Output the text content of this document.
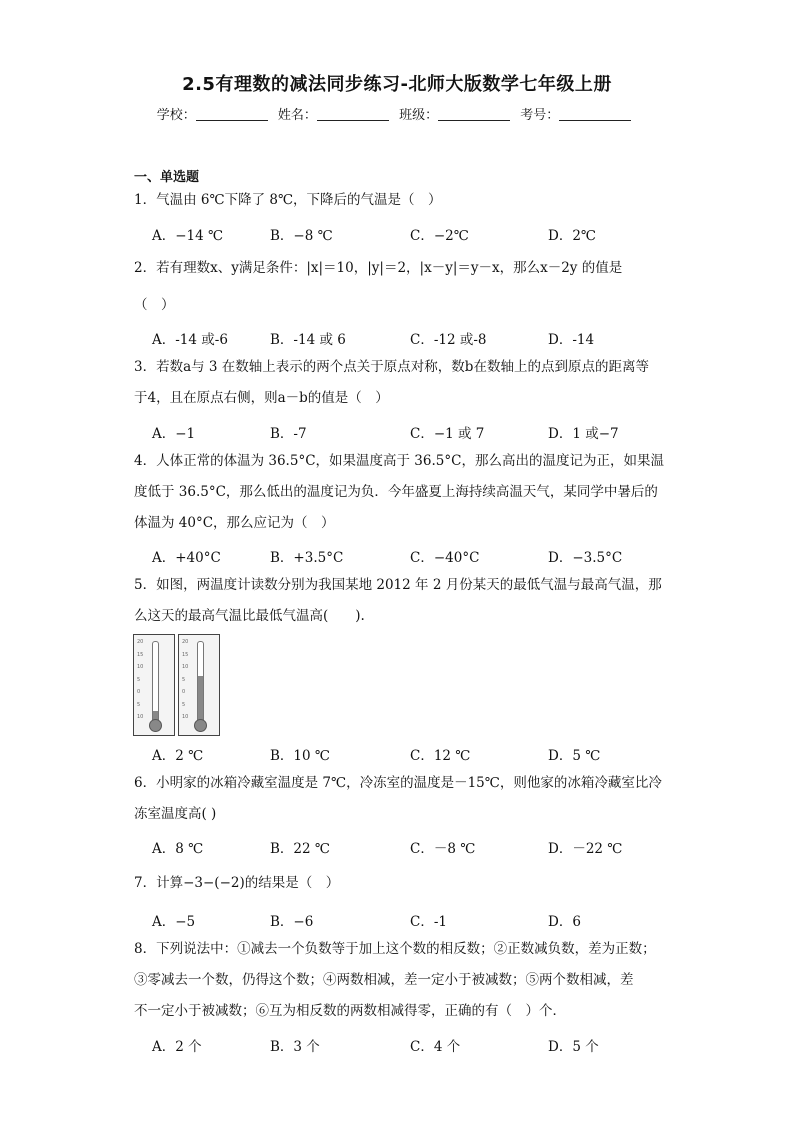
2.5有理数的减法同步练习-北师大版数学七年级上册
学校：	姓名：	班级：	考号：
一、单选题
1．气温由 6℃下降了 8℃，下降后的气温是（　）
A．−14 ℃	B．−8 ℃	C．−2℃	D．2℃
2．若有理数x、y满足条件：|x|＝10，|y|＝2，|x－y|＝y－x，那么x－2y 的值是
（　）
A．-14 或-6	B．-14 或 6	C．-12 或-8	D．-14
3．若数a与 3 在数轴上表示的两个点关于原点对称，数b在数轴上的点到原点的距离等
于4，且在原点右侧，则a－b的值是（　）
A．−1	B．-7	C．−1 或 7	D．1 或−7
4．人体正常的体温为 36.5°C，如果温度高于 36.5°C，那么高出的温度记为正，如果温
度低于 36.5°C，那么低出的温度记为负．今年盛夏上海持续高温天气，某同学中暑后的
体温为 40°C，那么应记为（　）
A．+40°C	B．+3.5°C	C．−40°C	D．−3.5°C
5．如图，两温度计读数分别为我国某地 2012 年 2 月份某天的最低气温与最高气温，那
么这天的最高气温比最低气温高(　　).
20
15
10
5
0
5
10
20
15
10
5
0
5
10
A．2 ℃	B．10 ℃	C．12 ℃	D．5 ℃
6．小明家的冰箱冷藏室温度是 7℃，冷冻室的温度是－15℃，则他家的冰箱冷藏室比冷
冻室温度高( )
A．8 ℃	B．22 ℃	C．－8 ℃	D．－22 ℃
7．计算−3−(−2)的结果是（　）
A．−5	B．−6	C．-1	D．6
8．下列说法中：①减去一个负数等于加上这个数的相反数；②正数减负数，差为正数；
③零减去一个数，仍得这个数；④两数相减，差一定小于被减数；⑤两个数相减，差
不一定小于被减数；⑥互为相反数的两数相减得零，正确的有（　）个．
A．2 个	B．3 个	C．4 个	D．5 个
